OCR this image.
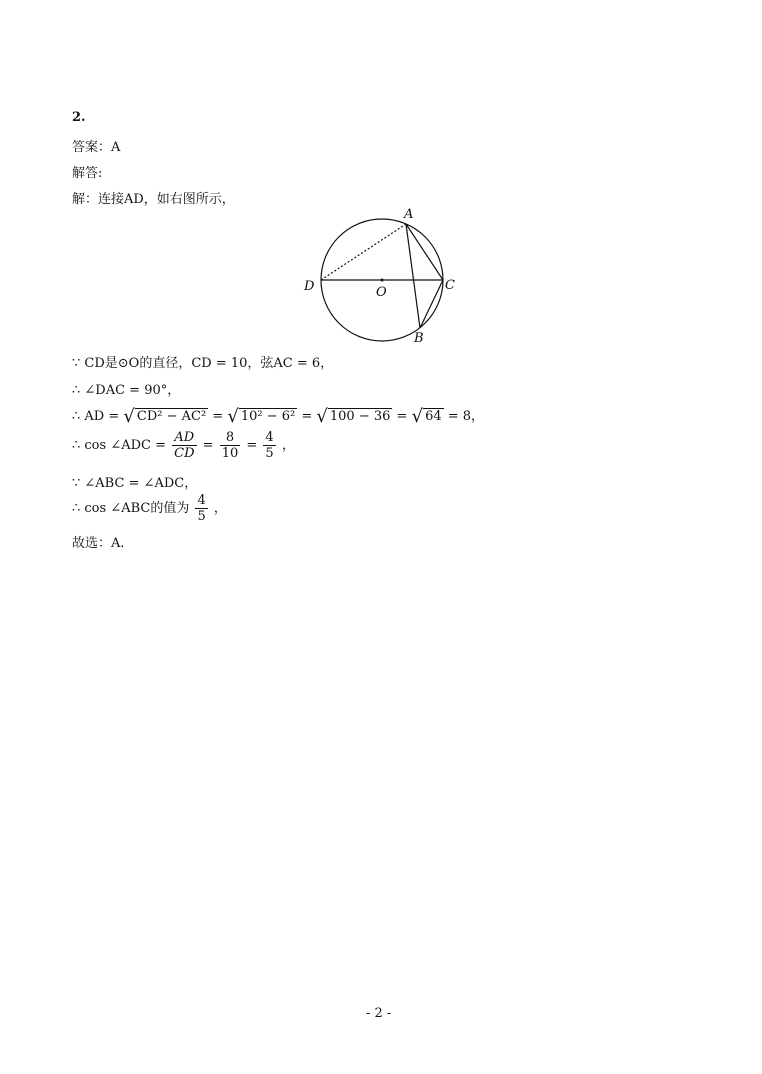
2.
答案：A
解答:
解：连接AD，如右图所示，
A
B
C
D	O
∵ CD是⊙O的直径，CD = 10，弦AC = 6，
∴ ∠DAC = 90°，
∴ AD = √ CD² − AC² = √ 10² − 6² = √ 100 − 36 = √ 64 = 8，
∴ cos ∠ADC = $\frac{AD}{CD} = \frac{8}{10} = \frac{4}{5}$ ，
∵ ∠ABC = ∠ADC，
∴ cos ∠ABC的值为 $\frac{4}{5}$ ，
故选：A.
- 2 -
